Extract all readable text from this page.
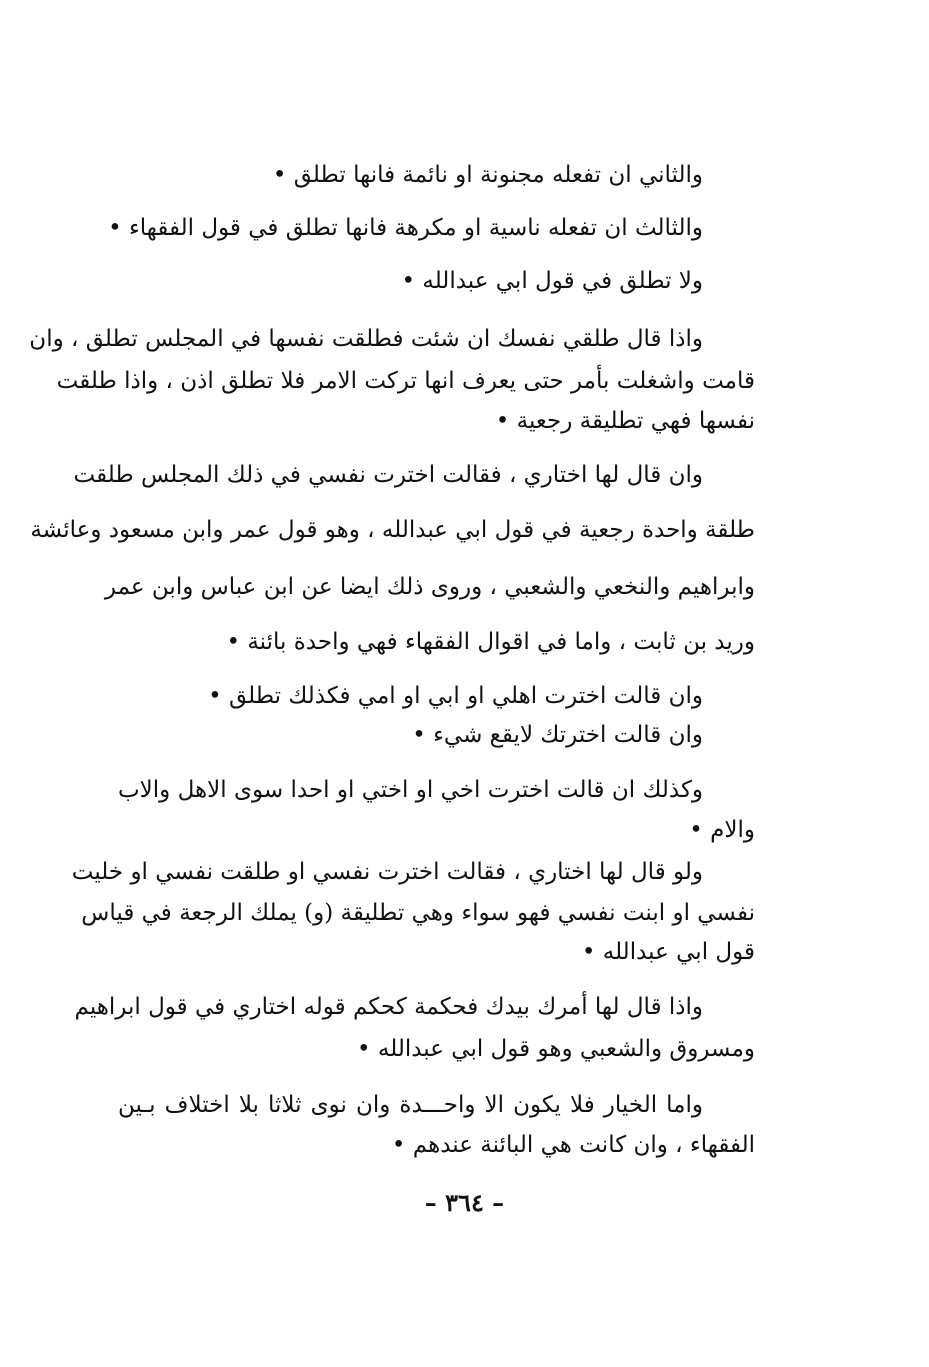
والثاني ان تفعله مجنونة او نائمة فانها تطلق •
والثالث ان تفعله ناسية او مكرهة فانها تطلق في قول الفقهاء •
ولا تطلق في قول ابي عبدالله •
واذا قال طلقي نفسك ان شئت فطلقت نفسها في المجلس تطلق ، وان
قامت واشغلت بأمر حتى يعرف انها تركت الامر فلا تطلق اذن ، واذا طلقت
نفسها فهي تطليقة رجعية •
وان قال لها اختاري ، فقالت اخترت نفسي في ذلك المجلس طلقت
طلقة واحدة رجعية في قول ابي عبدالله ، وهو قول عمر وابن مسعود وعائشة
وابراهيم والنخعي والشعبي ، وروى ذلك ايضا عن ابن عباس وابن عمر
وريد بن ثابت ، واما في اقوال الفقهاء فهي واحدة بائنة •
وان قالت اخترت اهلي او ابي او امي فكذلك تطلق •
وان قالت اخترتك لايقع شيء •
وكذلك ان قالت اخترت اخي او اختي او احدا سوى الاهل والاب
والام •
ولو قال لها اختاري ، فقالت اخترت نفسي او طلقت نفسي او خليت
نفسي او ابنت نفسي فهو سواء وهي تطليقة (و) يملك الرجعة في قياس
قول ابي عبدالله •
واذا قال لها أمرك بيدك فحكمة كحكم قوله اختاري في قول ابراهيم
ومسروق والشعبي وهو قول ابي عبدالله •
واما الخيار فلا يكون الا واحـــدة وان نوى ثلاثا بلا اختلاف بـين
الفقهاء ، وان كانت هي البائنة عندهم •
– ٣٦٤ –
